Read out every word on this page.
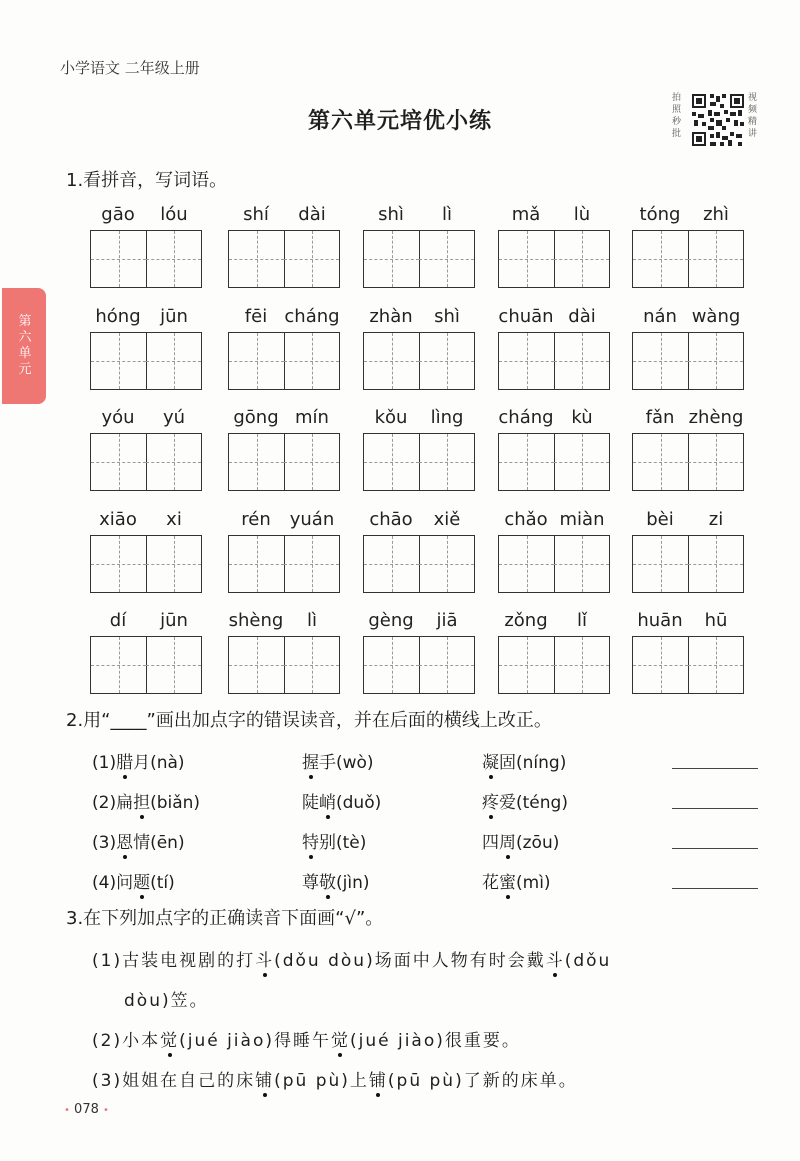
小学语文 二年级上册
第六单元培优小练
拍照秒批
视频精讲
第六单元
1.看拼音，写词语。
gāo	lóu	shí	dài	shì	lì	mǎ	lù	tóng	zhì
hóng	jūn	fēi cháng	zhàn	shì	chuān dài	nán wàng
yóu	yú	gōng mín	kǒu	lìng	cháng kù	fǎn zhèng
xiāo	xi	rén	yuán	chāo	xiě	chǎo miàn	bèi	zi
dí	jūn	shèng	lì	gèng	jiā	zǒng	lǐ	huān	hū
2.用“____”画出加点字的错误读音，并在后面的横线上改正。
(1)腊月(nà)	握手(wò)	凝固(níng)
(2)扁担(biǎn)	陡峭(duǒ)	疼爱(téng)
(3)恩情(ēn)	特别(tè)	四周(zōu)
(4)问题(tí)	尊敬(jìn)	花蜜(mì)
3.在下列加点字的正确读音下面画“√”。
(1)古装电视剧的打斗(dǒu dòu)场面中人物有时会戴斗(dǒu
dòu)笠。
(2)小本觉(jué jiào)得睡午觉(jué jiào)很重要。
(3)姐姐在自己的床铺(pū pù)上铺(pū pù)了新的床单。
• 078 •
